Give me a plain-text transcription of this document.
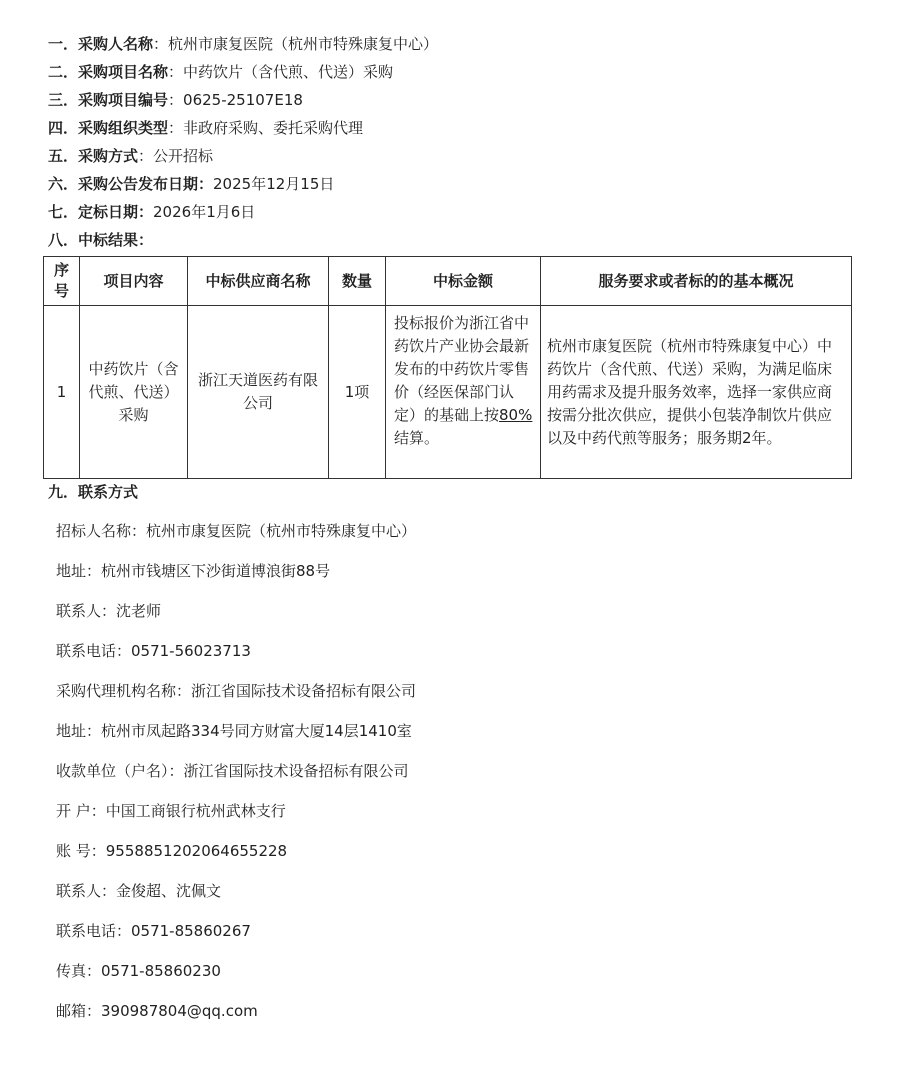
一．采购人名称：杭州市康复医院（杭州市特殊康复中心）
二．采购项目名称：中药饮片（含代煎、代送）采购
三．采购项目编号：0625-25107E18
四．采购组织类型：非政府采购、委托采购代理
五．采购方式：公开招标
六．采购公告发布日期：2025年12月15日
七．定标日期：2026年1月6日
八．中标结果：
序号	项目内容	中标供应商名称	数量	中标金额	服务要求或者标的的基本概况
1	中药饮片（含代煎、代送）采购	浙江天道医药有限公司	1项	投标报价为浙江省中药饮片产业协会最新发布的中药饮片零售价（经医保部门认定）的基础上按80%结算。	杭州市康复医院（杭州市特殊康复中心）中药饮片（含代煎、代送）采购，为满足临床用药需求及提升服务效率，选择一家供应商按需分批次供应，提供小包装净制饮片供应以及中药代煎等服务；服务期2年。
九．联系方式
招标人名称：杭州市康复医院（杭州市特殊康复中心）
地址：杭州市钱塘区下沙街道博浪街88号
联系人：沈老师
联系电话：0571-56023713
采购代理机构名称：浙江省国际技术设备招标有限公司
地址：杭州市凤起路334号同方财富大厦14层1410室
收款单位（户名）：浙江省国际技术设备招标有限公司
开 户：中国工商银行杭州武林支行
账 号：9558851202064655228
联系人：金俊超、沈佩文
联系电话：0571-85860267
传真：0571-85860230
邮箱：390987804@qq.com
